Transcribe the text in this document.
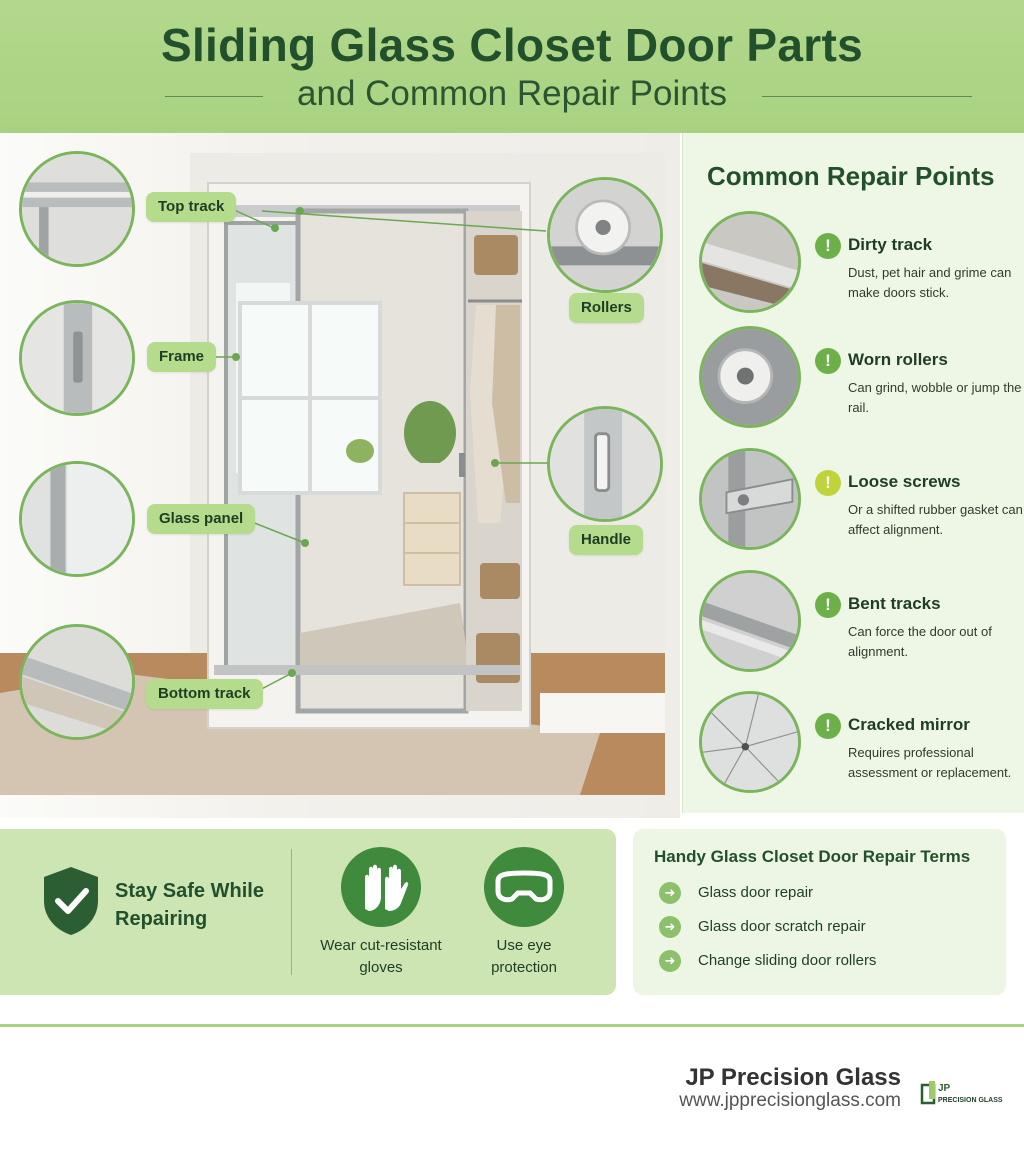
Sliding Glass Closet Door Parts
and Common Repair Points
Top track
Frame
Glass panel
Bottom track
Rollers
Handle
Common Repair Points
!	Dirty track
Dust, pet hair and grime can make doors stick.
!	Worn rollers
Can grind, wobble or jump the rail.
!	Loose screws
Or a shifted rubber gasket can affect alignment.
!	Bent tracks
Can force the door out of alignment.
!	Cracked mirror
Requires professional assessment or replacement.
Stay Safe While Repairing
Wear cut-resistant gloves
Use eye protection
Handy Glass Closet Door Repair Terms
➜	Glass door repair
➜	Glass door scratch repair
➜	Change sliding door rollers
JP Precision Glass
www.jpprecisionglass.com
JP
PRECISION GLASS
